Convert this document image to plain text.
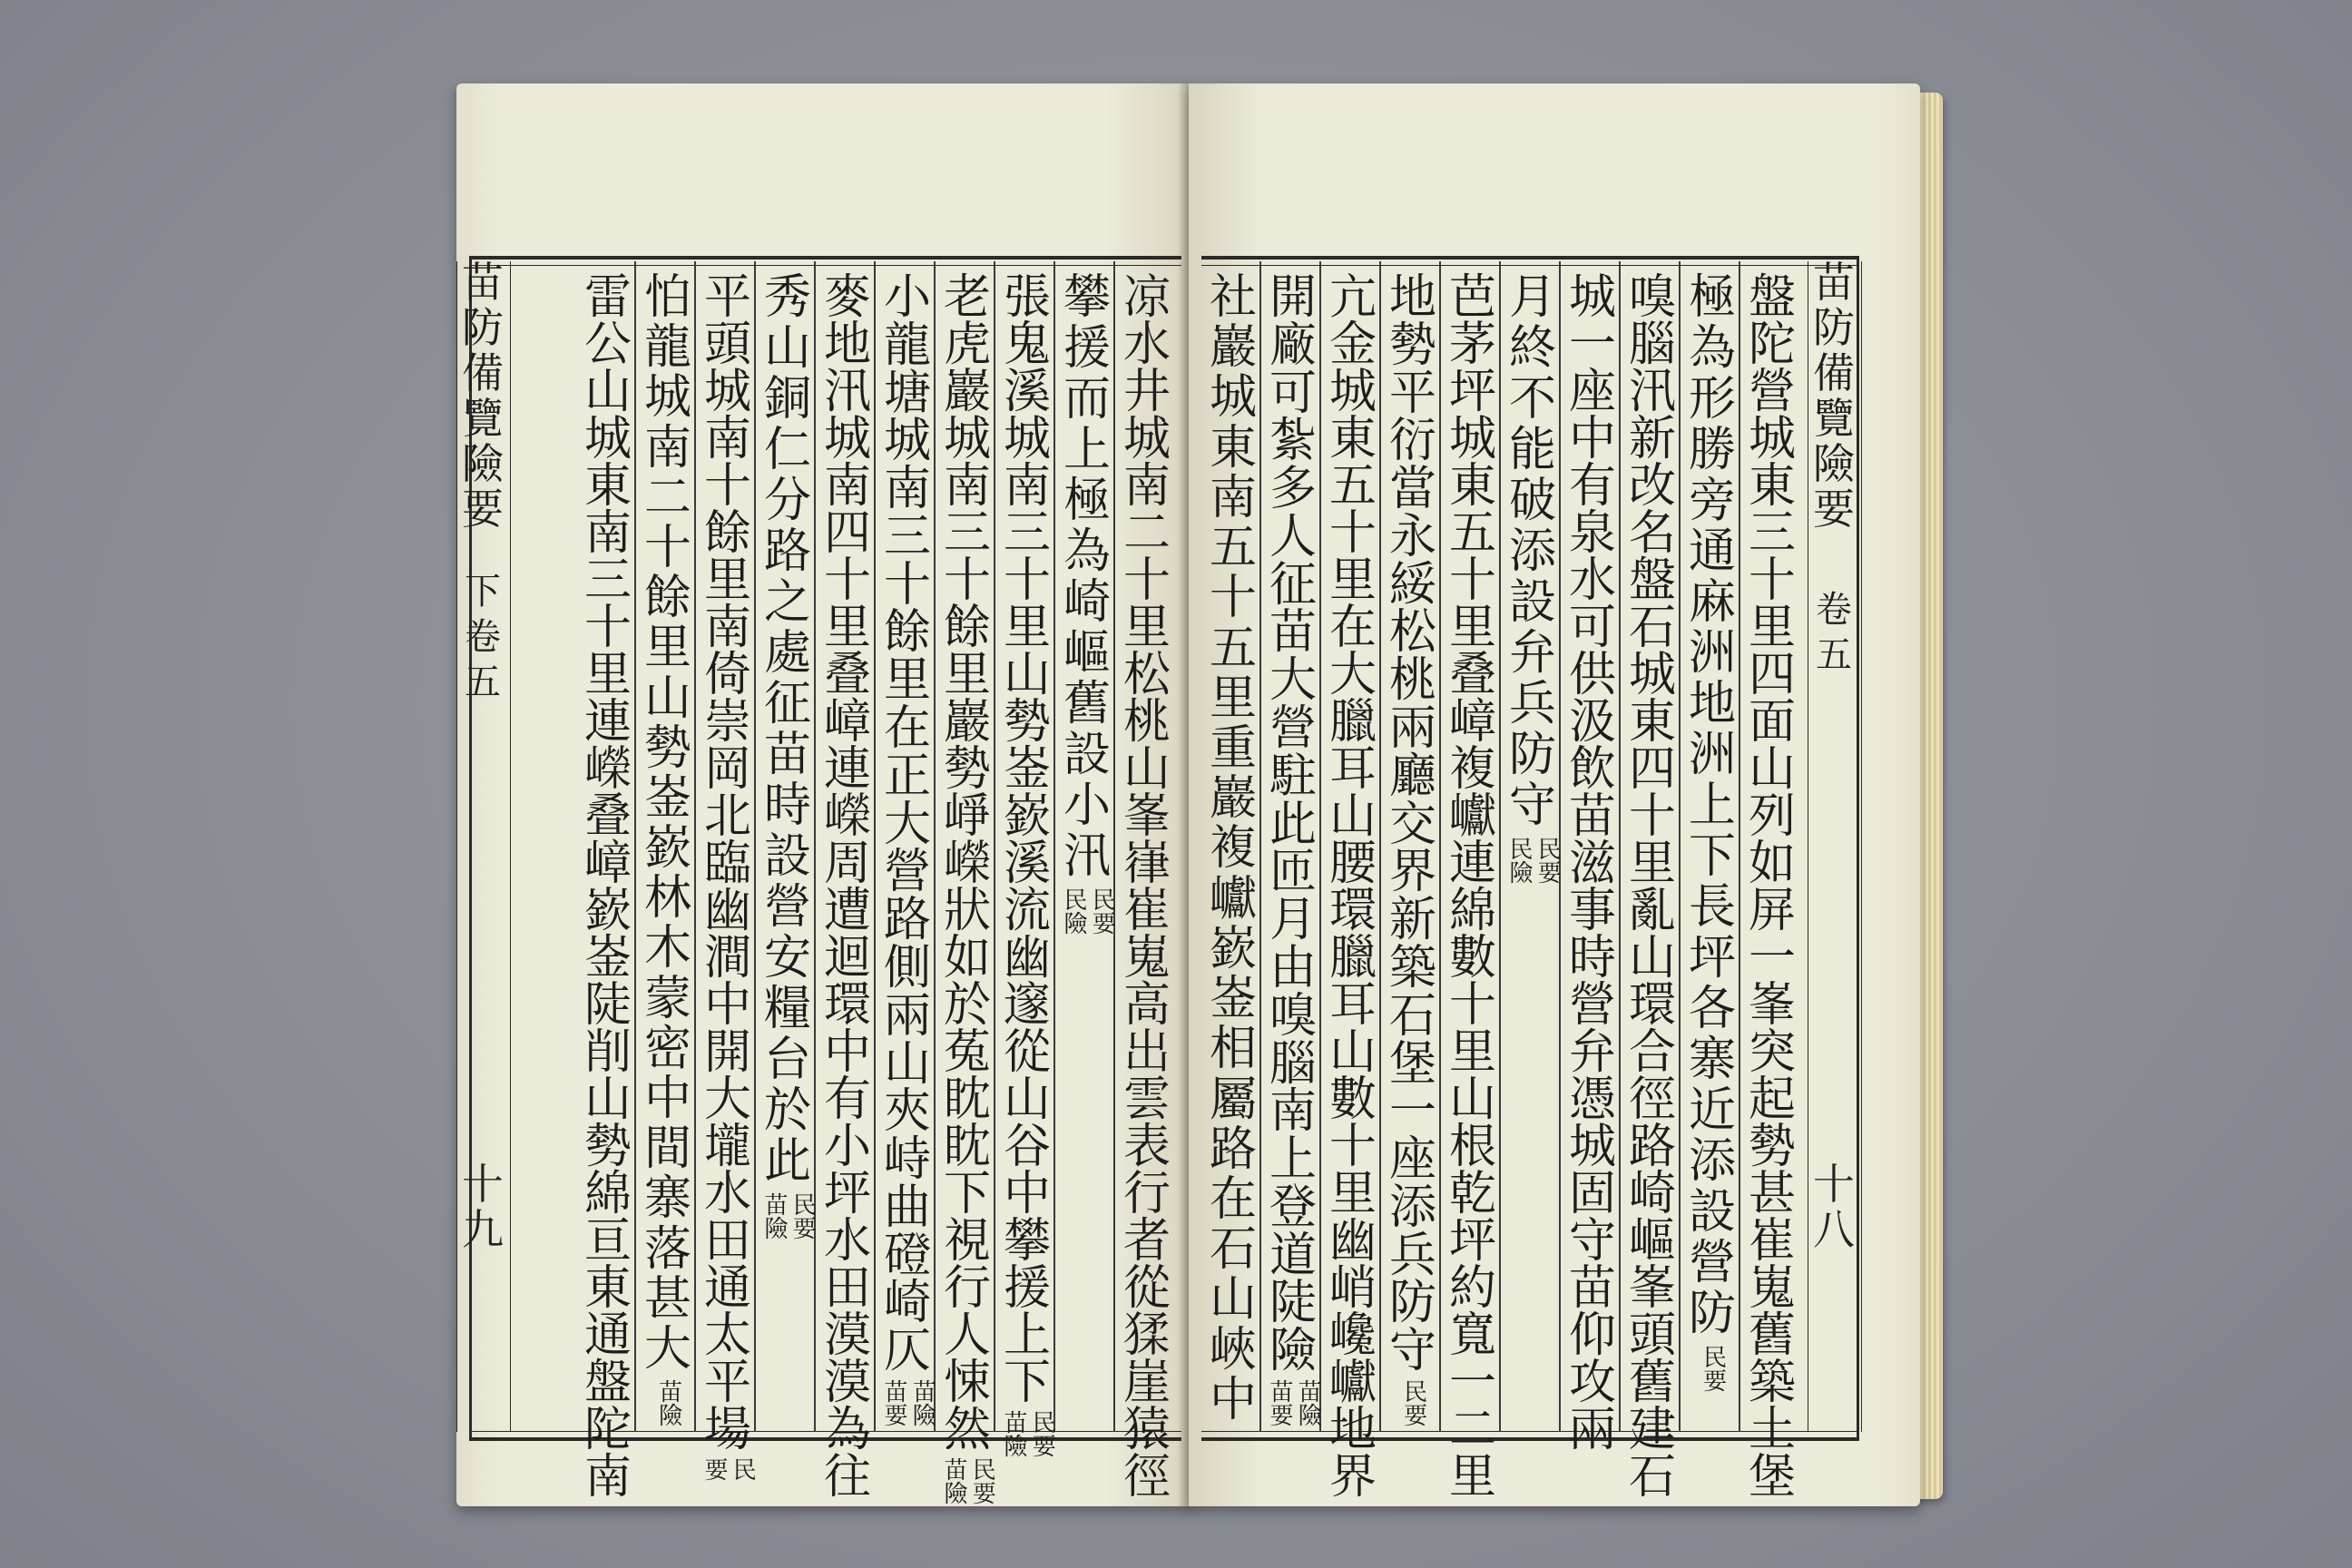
苗
防
備
覽
險
要
下
卷
五
十
九
凉
水
井
城
南
二
十
里
松
桃
山
峯
嵂
崔
嵬
高
出
雲
表
行
者
從
猱
崖
猿
徑
攀
援
而
上
極
為
崎
嶇
舊
設
小
汛
民要
民險
張
鬼
溪
城
南
三
十
里
山
勢
崟
嶔
溪
流
幽
邃
從
山
谷
中
攀
援
上
下
民要
苗險
老
虎
巖
城
南
三
十
餘
里
巖
勢
崢
嶸
狀
如
於
菟
眈
眈
下
視
行
人
悚
然
民要
苗險
小
龍
塘
城
南
三
十
餘
里
在
正
大
營
路
側
兩
山
夾
峙
曲
磴
崎
仄
苗險
苗要
麥
地
汛
城
南
四
十
里
叠
嶂
連
嶸
周
遭
迴
環
中
有
小
坪
水
田
漠
漠
為
往
秀
山
銅
仁
分
路
之
處
征
苗
時
設
營
安
糧
台
於
此
民要
苗險
平
頭
城
南
十
餘
里
南
倚
崇
岡
北
臨
幽
澗
中
開
大
壠
水
田
通
太
平
場
民
要
怕
龍
城
南
二
十
餘
里
山
勢
崟
嶔
林
木
蒙
密
中
間
寨
落
甚
大
苗險
雷
公
山
城
東
南
三
十
里
連
嶸
叠
嶂
嶔
崟
陡
削
山
勢
綿
亘
東
通
盤
陀
南
苗
防
備
覽
險
要
卷
五
十
八
盤
陀
營
城
東
三
十
里
四
面
山
列
如
屏
一
峯
突
起
勢
甚
崔
嵬
舊
築
土
堡
極
為
形
勝
旁
通
麻
洲
地
洲
上
下
長
坪
各
寨
近
添
設
營
防
民要
嗅
腦
汛
新
改
名
盤
石
城
東
四
十
里
亂
山
環
合
徑
路
崎
嶇
峯
頭
舊
建
石
城
一
座
中
有
泉
水
可
供
汲
飲
苗
滋
事
時
營
弁
憑
城
固
守
苗
仰
攻
兩
月
終
不
能
破
添
設
弁
兵
防
守
民要
民險
芭
茅
坪
城
東
五
十
里
叠
嶂
複
巘
連
綿
數
十
里
山
根
乾
坪
約
寬
一
二
里
地
勢
平
衍
當
永
綏
松
桃
兩
廳
交
界
新
築
石
堡
一
座
添
兵
防
守
民要
亢
金
城
東
五
十
里
在
大
臘
耳
山
腰
環
臘
耳
山
數
十
里
幽
峭
巉
巘
地
界
開
廠
可
紮
多
人
征
苗
大
營
駐
此
匝
月
由
嗅
腦
南
上
登
道
陡
險
苗險
苗要
社
巖
城
東
南
五
十
五
里
重
巖
複
巘
嶔
崟
相
屬
路
在
石
山
峽
中
